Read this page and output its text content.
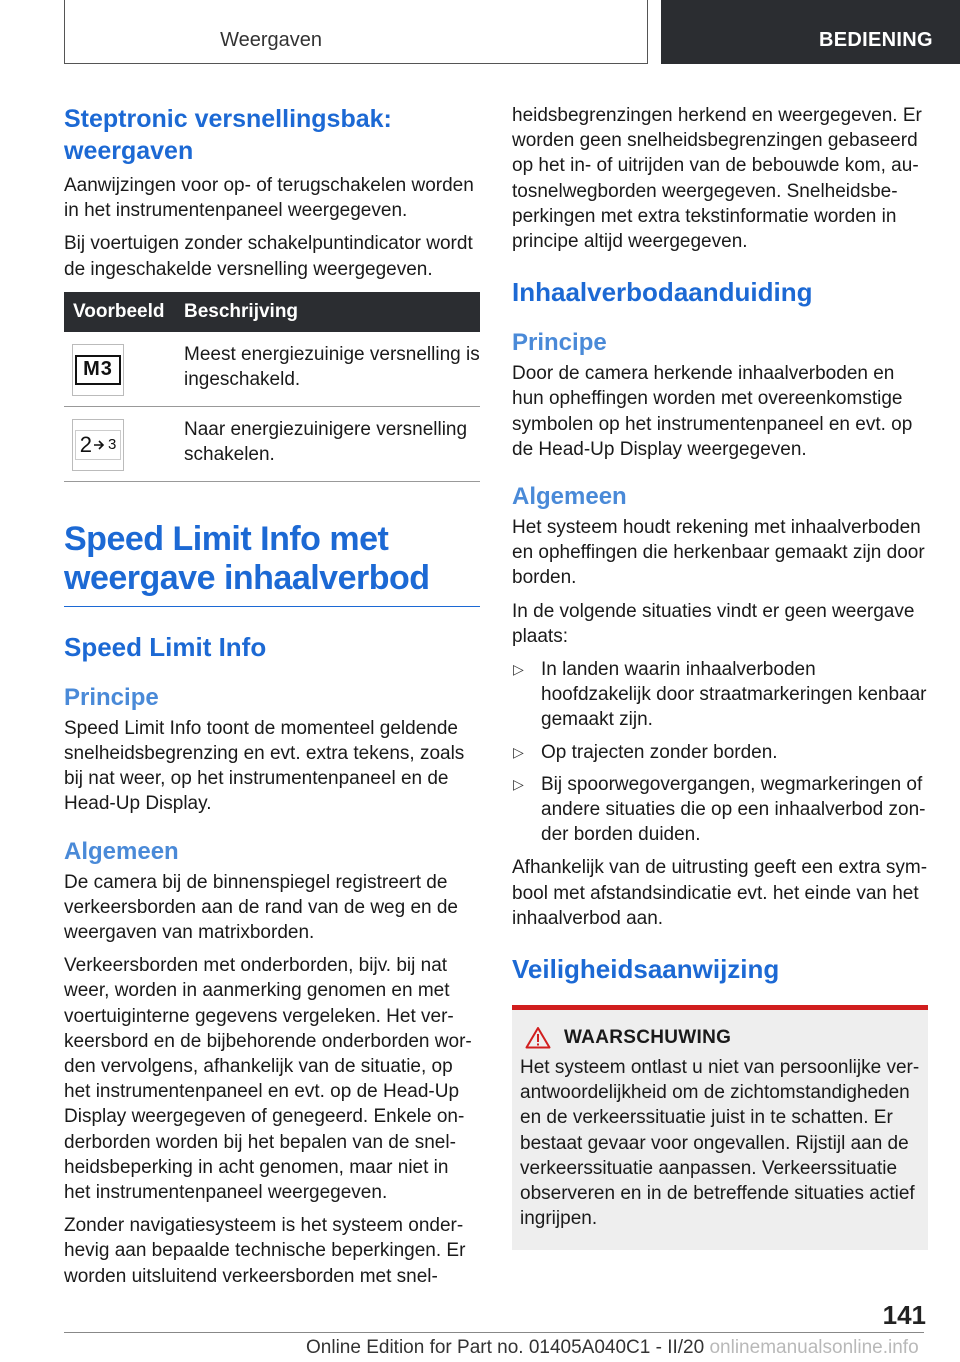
Weergaven	BEDIENING
Steptronic versnellingsbak: weergaven

Aanwijzingen voor op- of terugschakelen worden in het instrumentenpaneel weergegeven.

Bij voertuigen zonder schakelpuntindicator wordt de ingeschakelde versnelling weergegeven.

Voorbeeld	Beschrijving

M3	Meest energiezuinige versnelling is ingeschakeld.

2 3	Naar energiezuinigere versnelling schakelen.
Speed Limit Info met weergave inhaalverbod
Speed Limit Info
Principe

Speed Limit Info toont de momenteel geldende snelheidsbegrenzing en evt. extra tekens, zoals bij nat weer, op het instrumentenpaneel en de Head-Up Display.

Algemeen

De camera bij de binnenspiegel registreert de verkeersborden aan de rand van de weg en de weergaven van matrixborden.

Verkeersborden met onderborden, bijv. bij nat weer, worden in aanmerking genomen en met voertuiginterne gegevens vergeleken. Het verkeersbord en de bijbehorende onderborden worden vervolgens, afhankelijk van de situatie, op het instrumentenpaneel en evt. op de Head-Up Display weergegeven of genegeerd. Enkele onderborden worden bij het bepalen van de snelheidsbeperking in acht genomen, maar niet in het instrumentenpaneel weergegeven.

Zonder navigatiesysteem is het systeem onderhevig aan bepaalde technische beperkingen. Er worden uitsluitend verkeersborden met snel-

heidsbegrenzingen herkend en weergegeven. Er worden geen snelheidsbegrenzingen gebaseerd op het in- of uitrijden van de bebouwde kom, autosnelwegborden weergegeven. Snelheidsbeperkingen met extra tekstinformatie worden in principe altijd weergegeven.

Inhaalverbodaanduiding
Principe

Door de camera herkende inhaalverboden en hun opheffingen worden met overeenkomstige symbolen op het instrumentenpaneel en evt. op de Head-Up Display weergegeven.

Algemeen

Het systeem houdt rekening met inhaalverboden en opheffingen die herkenbaar gemaakt zijn door borden.

In de volgende situaties vindt er geen weergave plaats:

▷ In landen waarin inhaalverboden hoofdzakelijk door straatmarkeringen kenbaar gemaakt zijn.
▷ Op trajecten zonder borden.
▷ Bij spoorwegovergangen, wegmarkeringen of andere situaties die op een inhaalverbod zonder borden duiden.

Afhankelijk van de uitrusting geeft een extra symbool met afstandsindicatie evt. het einde van het inhaalverbod aan.

Veiligheidsaanwijzing
WAARSCHUWING

Het systeem ontlast u niet van persoonlijke verantwoordelijkheid om de zichtomstandigheden en de verkeerssituatie juist in te schatten. Er bestaat gevaar voor ongevallen. Rijstijl aan de verkeerssituatie aanpassen. Verkeerssituatie observeren en in de betreffende situaties actief ingrijpen.

141
Online Edition for Part no. 01405A040C1 - II/20 onlinemanualsonline.info
